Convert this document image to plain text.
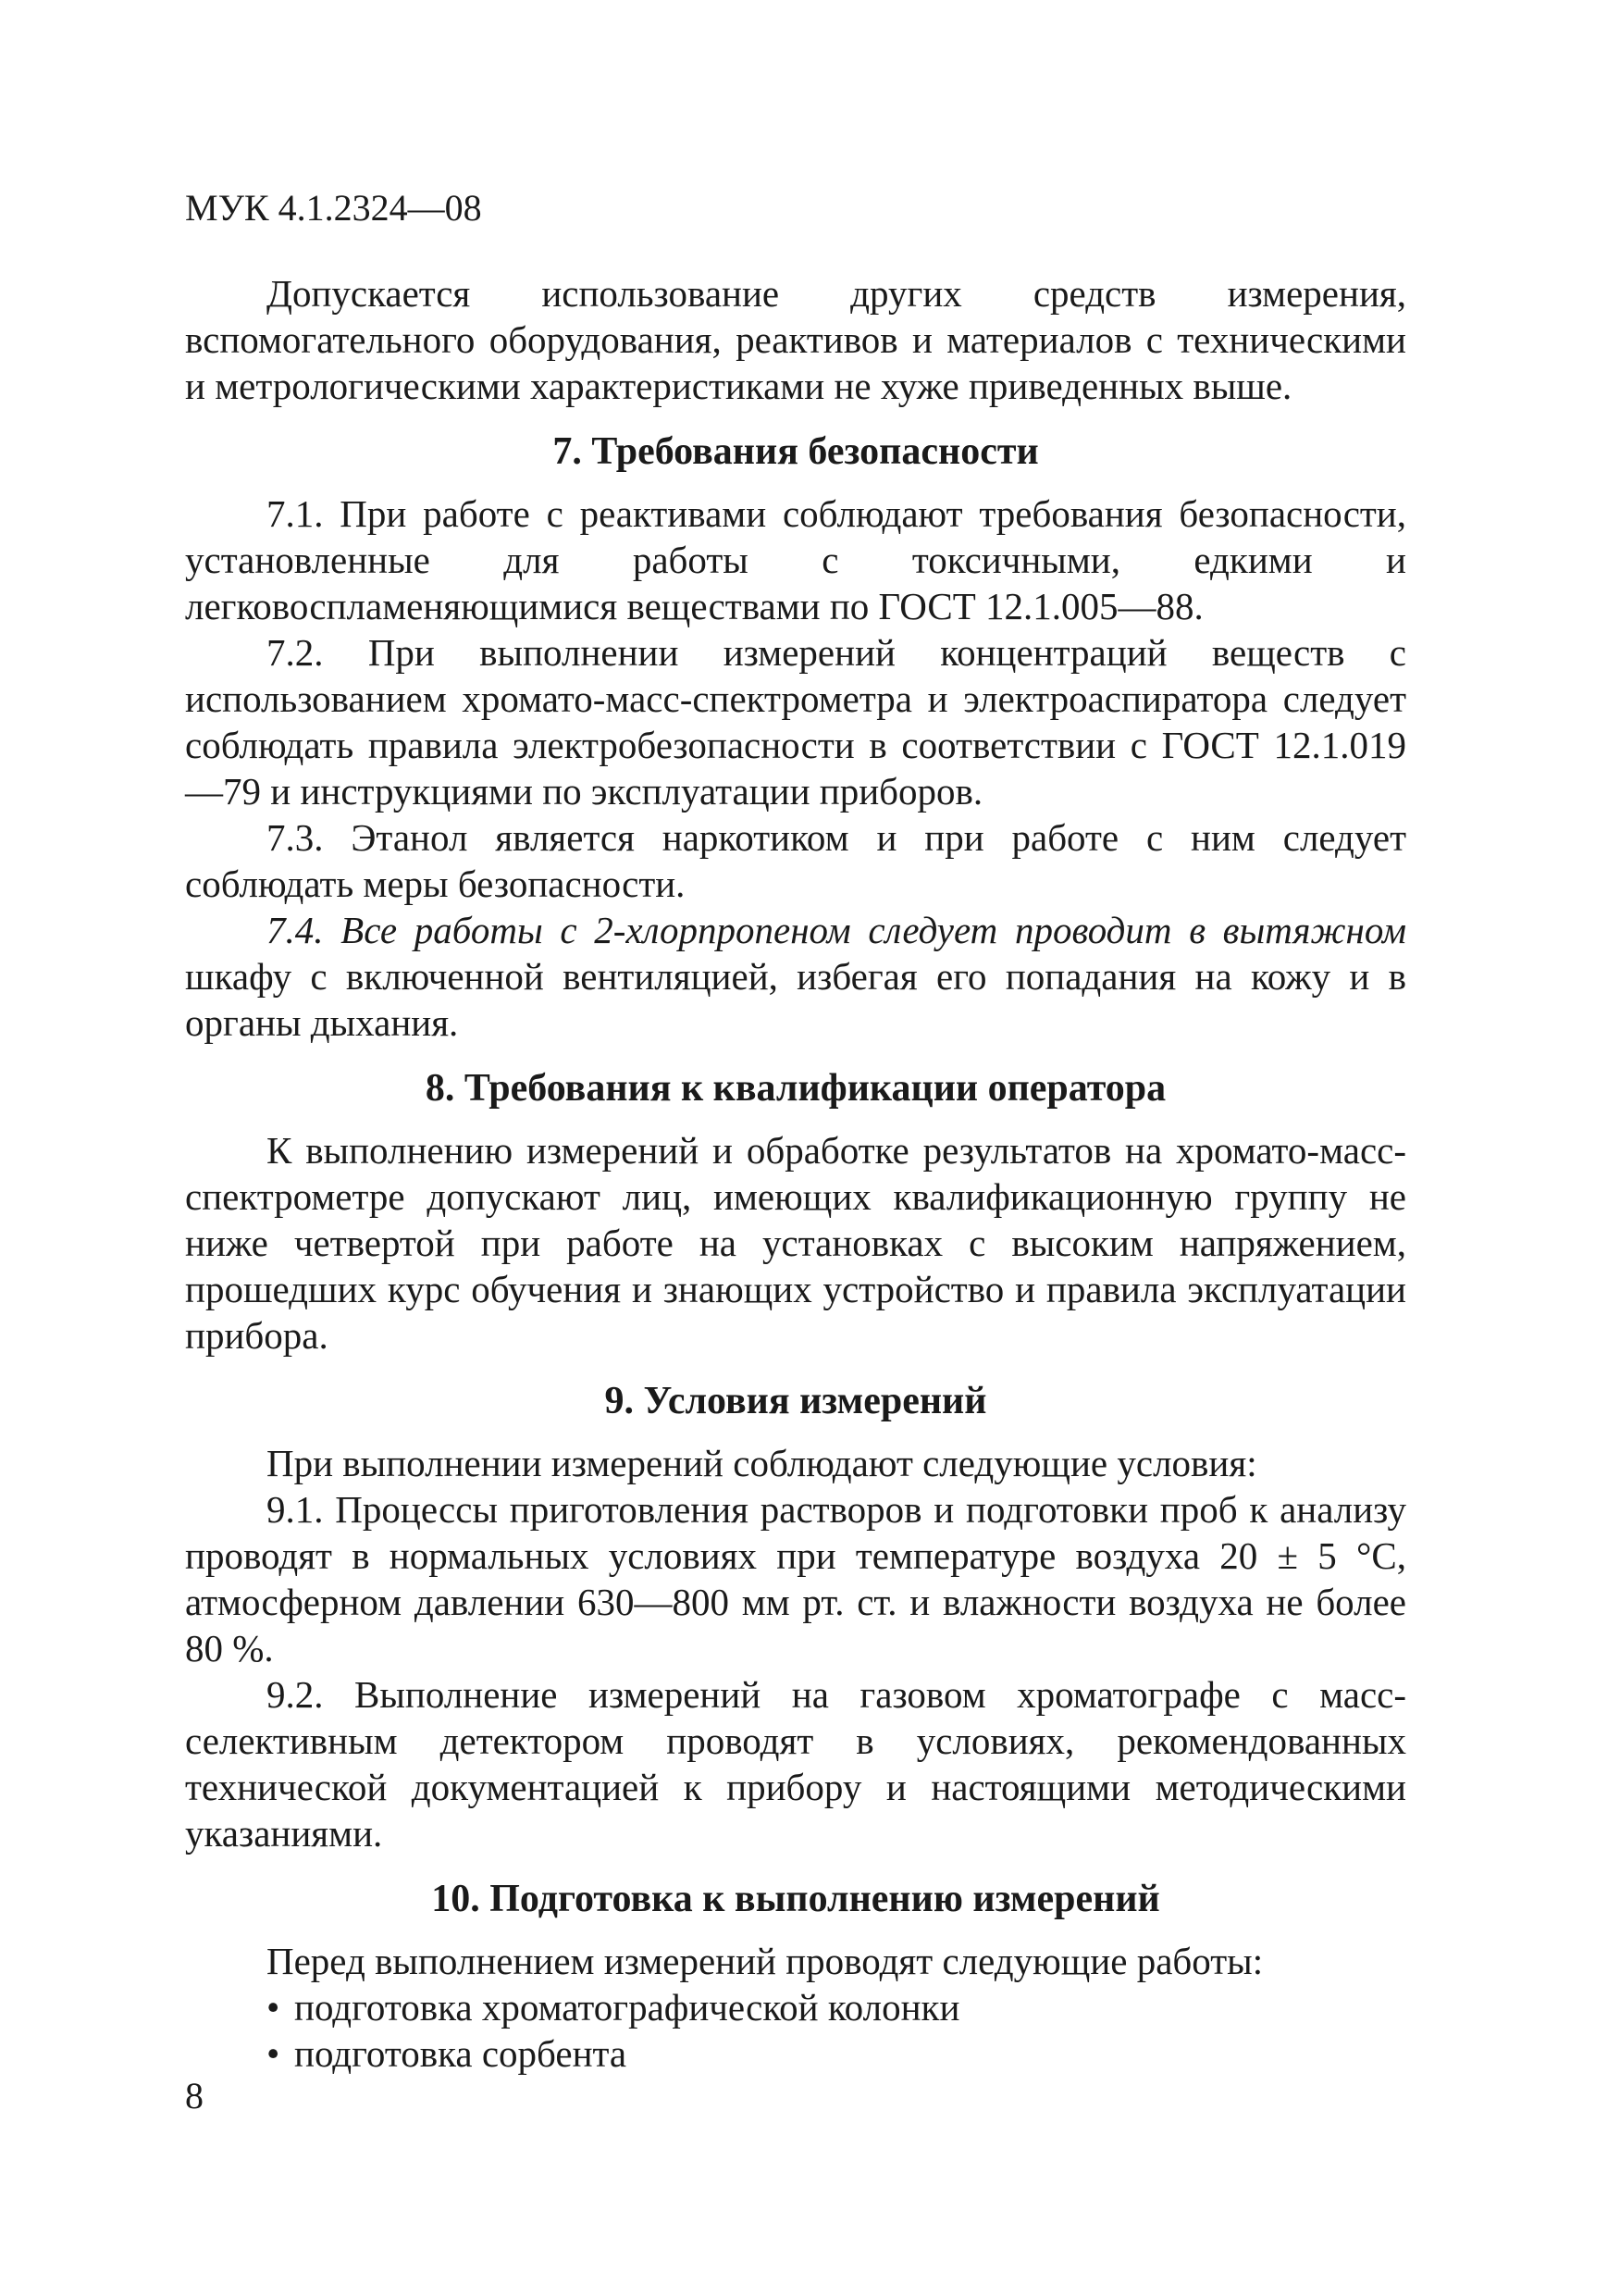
МУК 4.1.2324—08

Допускается использование других средств измерения, вспомогательного оборудования, реактивов и материалов с техническими и метрологическими характеристиками не хуже приведенных выше.

7. Требования безопасности

7.1. При работе с реактивами соблюдают требования безопасности, установленные для работы с токсичными, едкими и легковоспламеняющимися веществами по ГОСТ 12.1.005—88.

7.2. При выполнении измерений концентраций веществ с использованием хромато-масс-спектрометра и электроаспиратора следует соблюдать правила электробезопасности в соответствии с ГОСТ 12.1.019—79 и инструкциями по эксплуатации приборов.

7.3. Этанол является наркотиком и при работе с ним следует соблюдать меры безопасности.

7.4. Все работы с 2-хлорпропеном следует проводит в вытяжном шкафу с включенной вентиляцией, избегая его попадания на кожу и в органы дыхания.

8. Требования к квалификации оператора

К выполнению измерений и обработке результатов на хромато-масс-спектрометре допускают лиц, имеющих квалификационную группу не ниже четвертой при работе на установках с высоким напряжением, прошедших курс обучения и знающих устройство и правила эксплуатации прибора.

9. Условия измерений

При выполнении измерений соблюдают следующие условия:

9.1. Процессы приготовления растворов и подготовки проб к анализу проводят в нормальных условиях при температуре воздуха 20 ± 5 °С, атмосферном давлении 630—800 мм рт. ст. и влажности воздуха не более 80 %.

9.2. Выполнение измерений на газовом хроматографе с масс-селективным детектором проводят в условиях, рекомендованных технической документацией к прибору и настоящими методическими указаниями.

10. Подготовка к выполнению измерений

Перед выполнением измерений проводят следующие работы:

• подготовка хроматографической колонки
• подготовка сорбента
8
